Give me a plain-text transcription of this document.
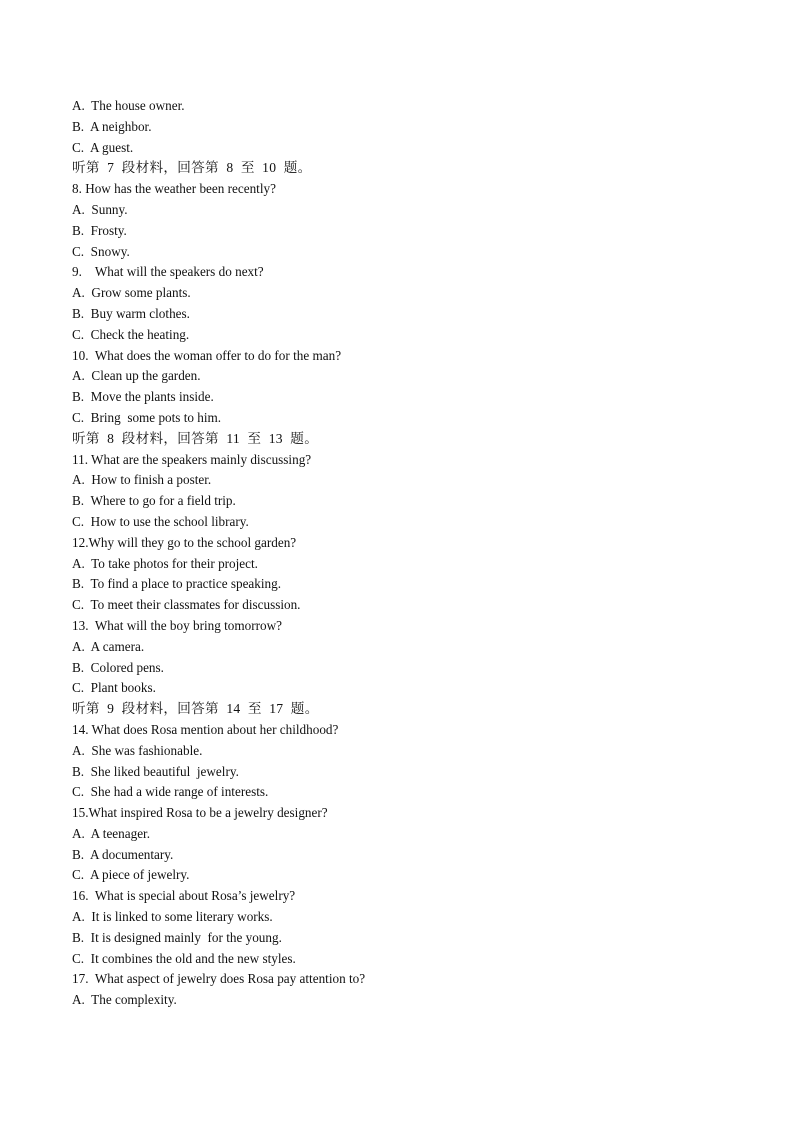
A.  The house owner.
B.  A neighbor.
C.  A guest.
听第  7  段材料，回答第  8  至  10  题。
8. How has the weather been recently?
A.  Sunny.
B.  Frosty.
C.  Snowy.
9.    What will the speakers do next?
A.  Grow some plants.
B.  Buy warm clothes.
C.  Check the heating.
10.  What does the woman offer to do for the man?
A.  Clean up the garden.
B.  Move the plants inside.
C.  Bring  some pots to him.
听第  8  段材料，回答第  11  至  13  题。
11. What are the speakers mainly discussing?
A.  How to finish a poster.
B.  Where to go for a field trip.
C.  How to use the school library.
12.Why will they go to the school garden?
A.  To take photos for their project.
B.  To find a place to practice speaking.
C.  To meet their classmates for discussion.
13.  What will the boy bring tomorrow?
A.  A camera.
B.  Colored pens.
C.  Plant books.
听第  9  段材料，回答第  14  至  17  题。
14. What does Rosa mention about her childhood?
A.  She was fashionable.
B.  She liked beautiful  jewelry.
C.  She had a wide range of interests.
15.What inspired Rosa to be a jewelry designer?
A.  A teenager.
B.  A documentary.
C.  A piece of jewelry.
16.  What is special about Rosa’s jewelry?
A.  It is linked to some literary works.
B.  It is designed mainly  for the young.
C.  It combines the old and the new styles.
17.  What aspect of jewelry does Rosa pay attention to?
A.  The complexity.
